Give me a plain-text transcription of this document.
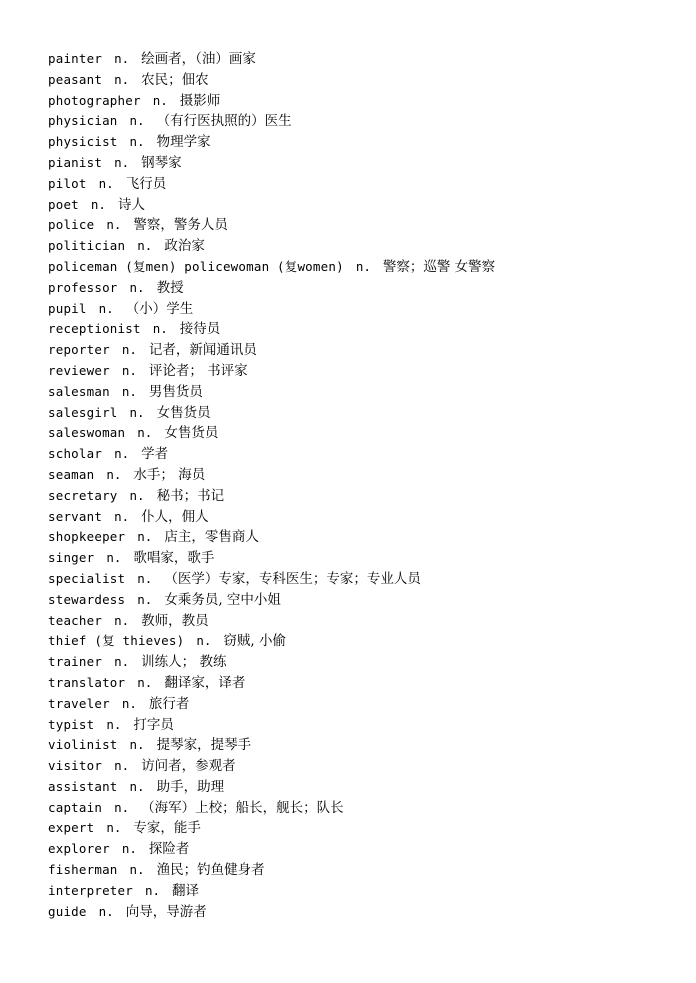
painter n. 绘画者，（油）画家
peasant n. 农民；佃农
photographer n. 摄影师
physician n. （有行医执照的）医生
physicist n. 物理学家
pianist n. 钢琴家
pilot n. 飞行员
poet n. 诗人
police n. 警察，警务人员
politician n. 政治家
policeman (复men) policewoman (复women) n. 警察；巡警 女警察
professor n. 教授
pupil n. （小）学生
receptionist n. 接待员
reporter n. 记者，新闻通讯员
reviewer n. 评论者； 书评家
salesman n. 男售货员
salesgirl n. 女售货员
saleswoman n. 女售货员
scholar n. 学者
seaman n. 水手； 海员
secretary n. 秘书；书记
servant n. 仆人，佣人
shopkeeper n. 店主，零售商人
singer n. 歌唱家，歌手
specialist n. （医学）专家，专科医生；专家；专业人员
stewardess n. 女乘务员, 空中小姐
teacher n. 教师，教员
thief (复 thieves) n. 窃贼, 小偷
trainer n. 训练人； 教练
translator n. 翻译家，译者
traveler n. 旅行者
typist n. 打字员
violinist n. 提琴家，提琴手
visitor n. 访问者，参观者
assistant n. 助手，助理
captain n. （海军）上校；船长，舰长；队长
expert n. 专家，能手
explorer n. 探险者
fisherman n. 渔民；钓鱼健身者
interpreter n. 翻译
guide n. 向导，导游者
